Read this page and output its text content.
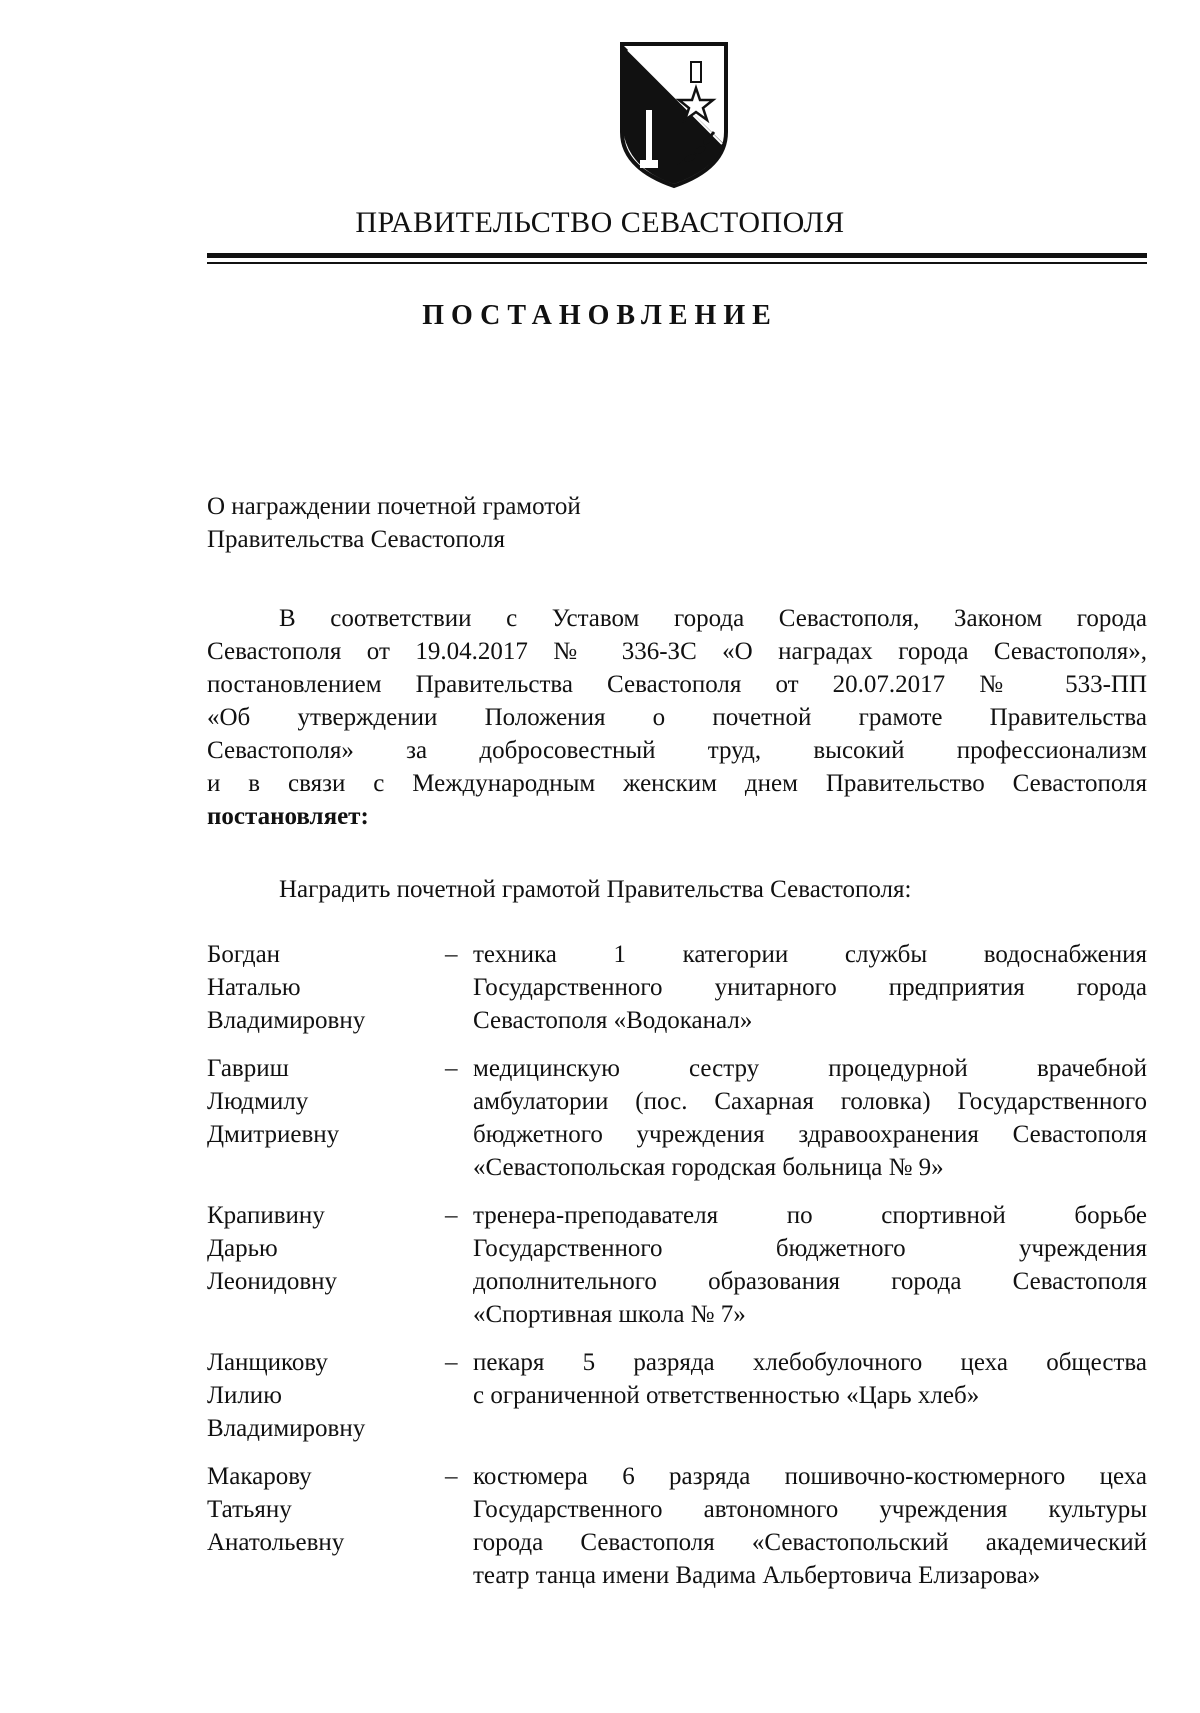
ПРАВИТЕЛЬСТВО СЕВАСТОПОЛЯ
ПОСТАНОВЛЕНИЕ
О награждении почетной грамотой
Правительства Севастополя
В соответствии с Уставом города Севастополя, Законом города
Севастополя от 19.04.2017 № 336-ЗС «О наградах города Севастополя»,
постановлением Правительства Севастополя от 20.07.2017 № 533-ПП
«Об утверждении Положения о почетной грамоте Правительства
Севастополя» за добросовестный труд, высокий профессионализм
и в связи с Международным женским днем Правительство Севастополя
постановляет:
Наградить почетной грамотой Правительства Севастополя:
Богдан
Наталью
Владимировну
– техника 1 категории службы водоснабжения
Государственного унитарного предприятия города
Севастополя «Водоканал»
Гавриш
Людмилу
Дмитриевну
– медицинскую сестру процедурной врачебной
амбулатории (пос. Сахарная головка) Государственного
бюджетного учреждения здравоохранения Севастополя
«Севастопольская городская больница № 9»
Крапивину
Дарью
Леонидовну
– тренера-преподавателя по спортивной борьбе
Государственного бюджетного учреждения
дополнительного образования города Севастополя
«Спортивная школа № 7»
Ланщикову
Лилию
Владимировну
– пекаря 5 разряда хлебобулочного цеха общества
с ограниченной ответственностью «Царь хлеб»
Макарову
Татьяну
Анатольевну
– костюмера 6 разряда пошивочно-костюмерного цеха
Государственного автономного учреждения культуры
города Севастополя «Севастопольский академический
театр танца имени Вадима Альбертовича Елизарова»
